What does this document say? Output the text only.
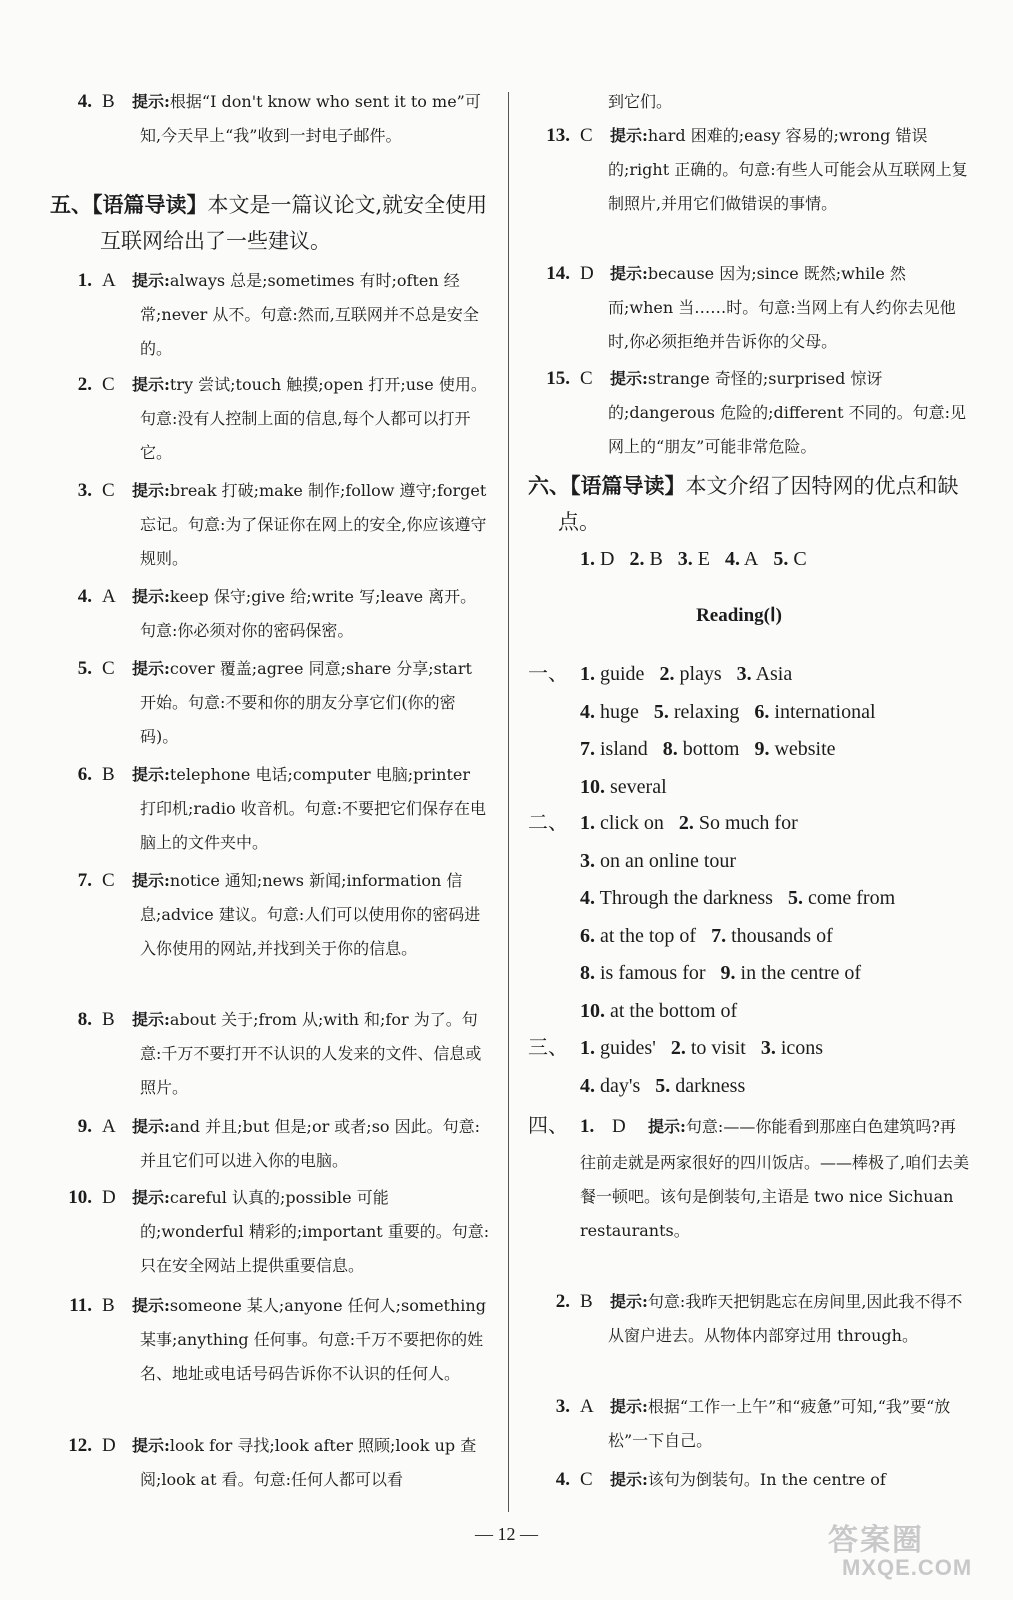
4. B 提示:根据“I don't know who sent it to me”可知,今天早上“我”收到一封电子邮件。
五、【语篇导读】本文是一篇议论文,就安全使用互联网给出了一些建议。
1. A 提示:always 总是;sometimes 有时;often 经常;never 从不。句意:然而,互联网并不总是安全的。
2. C 提示:try 尝试;touch 触摸;open 打开;use 使用。句意:没有人控制上面的信息,每个人都可以打开它。
3. C 提示:break 打破;make 制作;follow 遵守;forget 忘记。句意:为了保证你在网上的安全,你应该遵守规则。
4. A 提示:keep 保守;give 给;write 写;leave 离开。句意:你必须对你的密码保密。
5. C 提示:cover 覆盖;agree 同意;share 分享;start 开始。句意:不要和你的朋友分享它们(你的密码)。
6. B 提示:telephone 电话;computer 电脑;printer 打印机;radio 收音机。句意:不要把它们保存在电脑上的文件夹中。
7. C 提示:notice 通知;news 新闻;information 信息;advice 建议。句意:人们可以使用你的密码进入你使用的网站,并找到关于你的信息。
8. B 提示:about 关于;from 从;with 和;for 为了。句意:千万不要打开不认识的人发来的文件、信息或照片。
9. A 提示:and 并且;but 但是;or 或者;so 因此。句意:并且它们可以进入你的电脑。
10. D 提示:careful 认真的;possible 可能的;wonderful 精彩的;important 重要的。句意:只在安全网站上提供重要信息。
11. B 提示:someone 某人;anyone 任何人;something 某事;anything 任何事。句意:千万不要把你的姓名、地址或电话号码告诉你不认识的任何人。
12. D 提示:look for 寻找;look after 照顾;look up 查阅;look at 看。句意:任何人都可以看
到它们。
13. C 提示:hard 困难的;easy 容易的;wrong 错误的;right 正确的。句意:有些人可能会从互联网上复制照片,并用它们做错误的事情。
14. D 提示:because 因为;since 既然;while 然而;when 当……时。句意:当网上有人约你去见他时,你必须拒绝并告诉你的父母。
15. C 提示:strange 奇怪的;surprised 惊讶的;dangerous 危险的;different 不同的。句意:见网上的“朋友”可能非常危险。
六、【语篇导读】本文介绍了因特网的优点和缺点。
1. D 2. B 3. E 4. A 5. C
Reading(Ⅰ)
一、 1. guide 2. plays 3. Asia
4. huge 5. relaxing 6. international
7. island 8. bottom 9. website
10. several
二、 1. click on 2. So much for
3. on an online tour
4. Through the darkness 5. come from
6. at the top of 7. thousands of
8. is famous for 9. in the centre of
10. at the bottom of
三、 1. guides' 2. to visit 3. icons
4. day's 5. darkness
四、 1. D 提示:句意:——你能看到那座白色建筑吗?再往前走就是两家很好的四川饭店。——棒极了,咱们去美餐一顿吧。该句是倒装句,主语是 two nice Sichuan restaurants。
2. B 提示:句意:我昨天把钥匙忘在房间里,因此我不得不从窗户进去。从物体内部穿过用 through。
3. A 提示:根据“工作一上午”和“疲惫”可知,“我”要“放松”一下自己。
4. C 提示:该句为倒装句。In the centre of
— 12 —	答案圈
MXQE.COM
